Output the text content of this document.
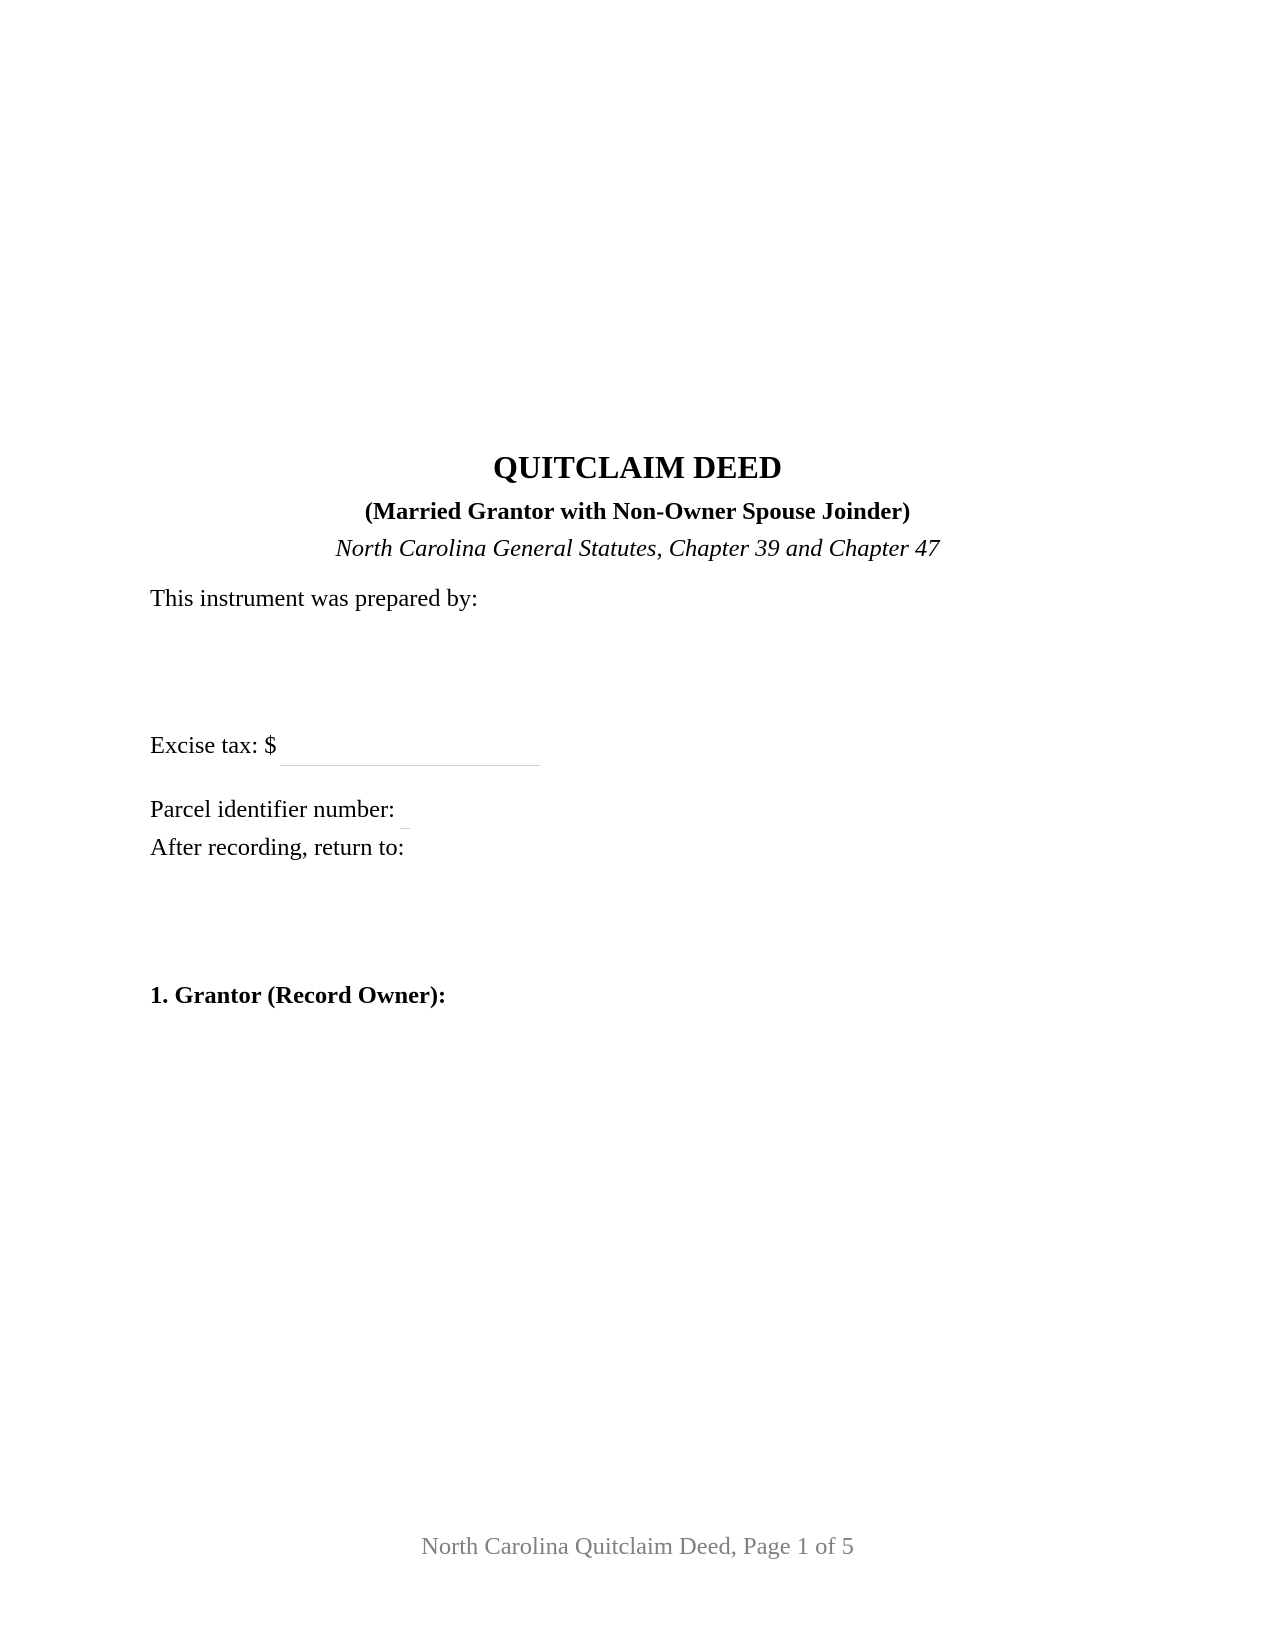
QUITCLAIM DEED
(Married Grantor with Non-Owner Spouse Joinder)
North Carolina General Statutes, Chapter 39 and Chapter 47
This instrument was prepared by:
Excise tax: $
Parcel identifier number:
After recording, return to:
1. Grantor (Record Owner):
North Carolina Quitclaim Deed, Page 1 of 5
